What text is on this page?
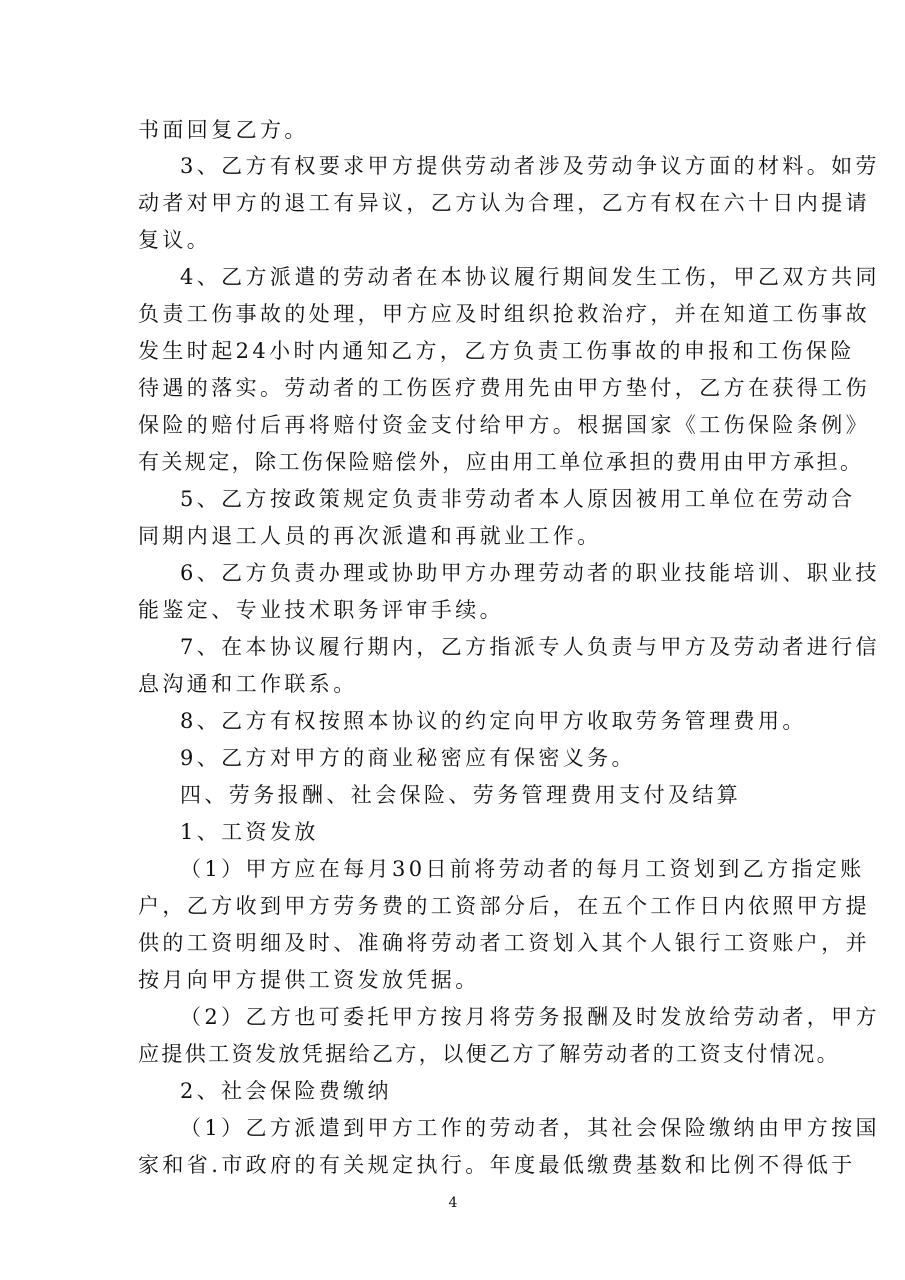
书面回复乙方。
3、乙方有权要求甲方提供劳动者涉及劳动争议方面的材料。如劳
动者对甲方的退工有异议，乙方认为合理，乙方有权在六十日内提请
复议。
4、乙方派遣的劳动者在本协议履行期间发生工伤，甲乙双方共同
负责工伤事故的处理，甲方应及时组织抢救治疗，并在知道工伤事故
发生时起24小时内通知乙方，乙方负责工伤事故的申报和工伤保险
待遇的落实。劳动者的工伤医疗费用先由甲方垫付，乙方在获得工伤
保险的赔付后再将赔付资金支付给甲方。根据国家《工伤保险条例》
有关规定，除工伤保险赔偿外，应由用工单位承担的费用由甲方承担。
5、乙方按政策规定负责非劳动者本人原因被用工单位在劳动合
同期内退工人员的再次派遣和再就业工作。
6、乙方负责办理或协助甲方办理劳动者的职业技能培训、职业技
能鉴定、专业技术职务评审手续。
7、在本协议履行期内，乙方指派专人负责与甲方及劳动者进行信
息沟通和工作联系。
8、乙方有权按照本协议的约定向甲方收取劳务管理费用。
9、乙方对甲方的商业秘密应有保密义务。
四、劳务报酬、社会保险、劳务管理费用支付及结算
1、工资发放
（1）甲方应在每月30日前将劳动者的每月工资划到乙方指定账
户，乙方收到甲方劳务费的工资部分后，在五个工作日内依照甲方提
供的工资明细及时、准确将劳动者工资划入其个人银行工资账户，并
按月向甲方提供工资发放凭据。
（2）乙方也可委托甲方按月将劳务报酬及时发放给劳动者，甲方
应提供工资发放凭据给乙方，以便乙方了解劳动者的工资支付情况。
2、社会保险费缴纳
（1）乙方派遣到甲方工作的劳动者，其社会保险缴纳由甲方按国
家和省.市政府的有关规定执行。年度最低缴费基数和比例不得低于
4
